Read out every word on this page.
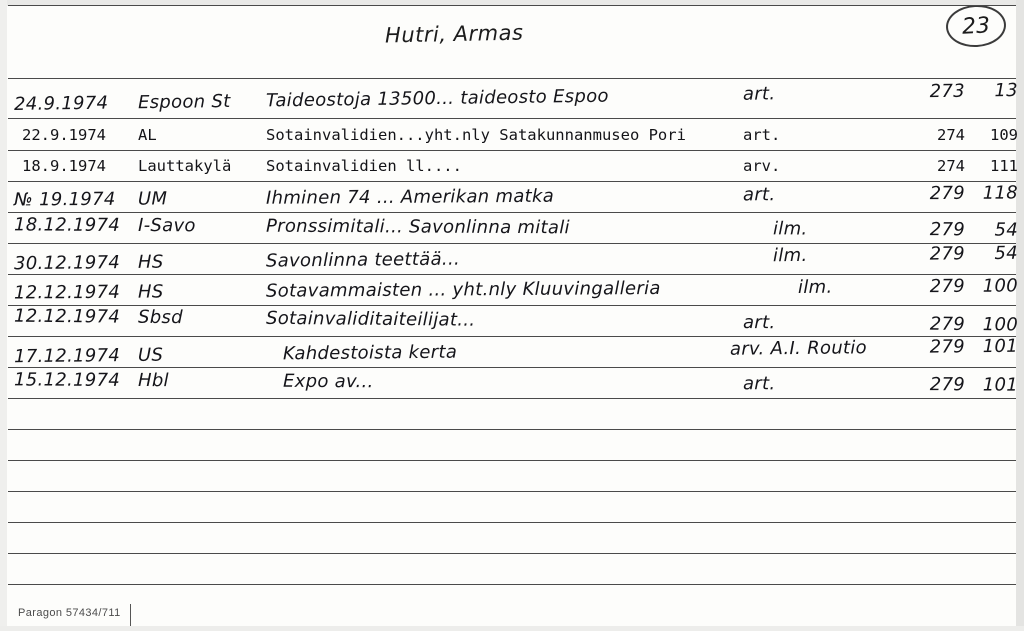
Hutri, Armas	23
24.9.1974	Espoon St	Taideostoja 13500... taideosto Espoo	art.	273	13
22.9.1974	AL	Sotainvalidien...yht.nly Satakunnanmuseo Pori	art.	274	109
18.9.1974	Lauttakylä	Sotainvalidien ll....	arv.	274	111
№ 19.1974	UM	Ihminen 74 ... Amerikan matka	art.	279 118
18.12.1974 I-Savo	Pronssimitali... Savonlinna mitali	ilm.	279	54
30.12.1974 HS	Savonlinna teettää...	ilm.	279	54
12.12.1974 HS	Sotavammaisten ... yht.nly Kluuvingalleria	ilm.	279 100
12.12.1974 Sbsd	Sotainvaliditaiteilijat...	art.	279 100
17.12.1974 US	Kahdestoista kerta	arv. A.I. Routio	279 101
15.12.1974 Hbl	Expo av...	art.	279 101
Paragon 57434/711
